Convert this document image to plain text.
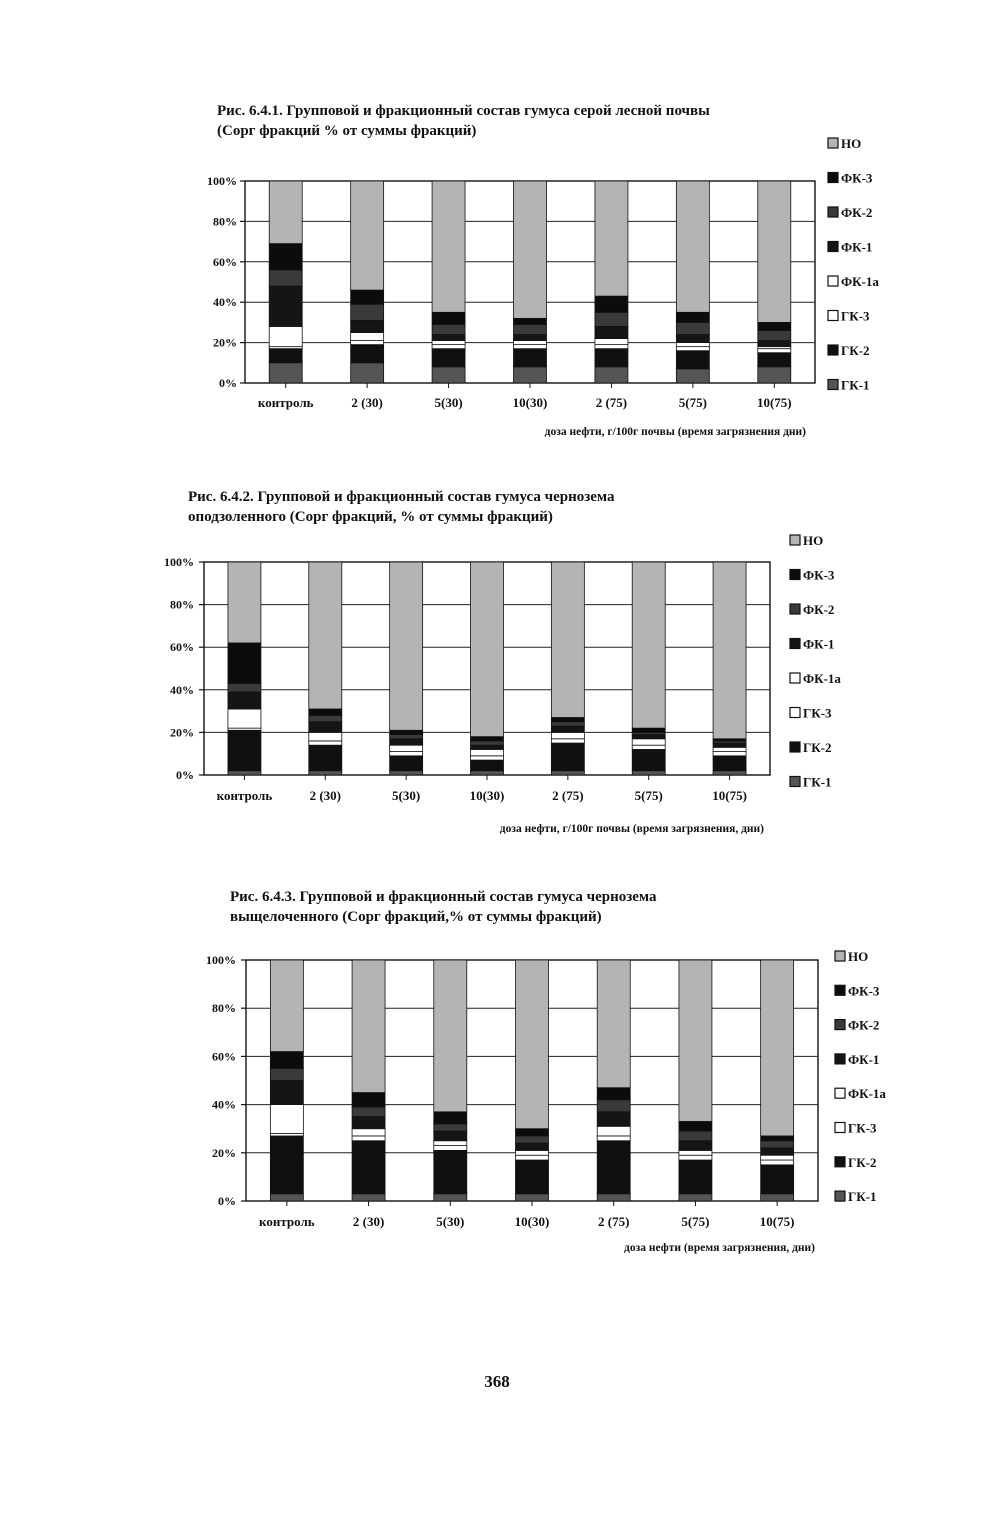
Рис. 6.4.1. Групповой и фракционный состав гумуса серой лесной почвы
(Сорг фракций % от суммы фракций)
Рис. 6.4.2. Групповой и фракционный состав гумуса чернозема
оподзоленного (Сорг фракций, % от суммы фракций)
Рис. 6.4.3. Групповой и фракционный состав гумуса чернозема
выщелоченного (Сорг фракций,% от суммы фракций)
0%
20%
40%
60%
80%
100%
контроль	2 (30)	5(30)	10(30)	2 (75)	5(75)	10(75)
доза нефти, г/100г почвы (время загрязнения дни)
НО
ФК-3
ФК-2
ФК-1
ФК-1а
ГК-3
ГК-2
ГК-1
0%
20%
40%
60%
80%
100%
контроль	2 (30)	5(30)	10(30)	2 (75)	5(75)	10(75)
доза нефти, г/100г почвы (время загрязнения, дни)
НО
ФК-3
ФК-2
ФК-1
ФК-1а
ГК-3
ГК-2
ГК-1
0%
20%
40%
60%
80%
100%
контроль	2 (30)	5(30)	10(30)	2 (75)	5(75)	10(75)
доза нефти (время загрязнения, дни)
НО
ФК-3
ФК-2
ФК-1
ФК-1а
ГК-3
ГК-2
ГК-1
368
